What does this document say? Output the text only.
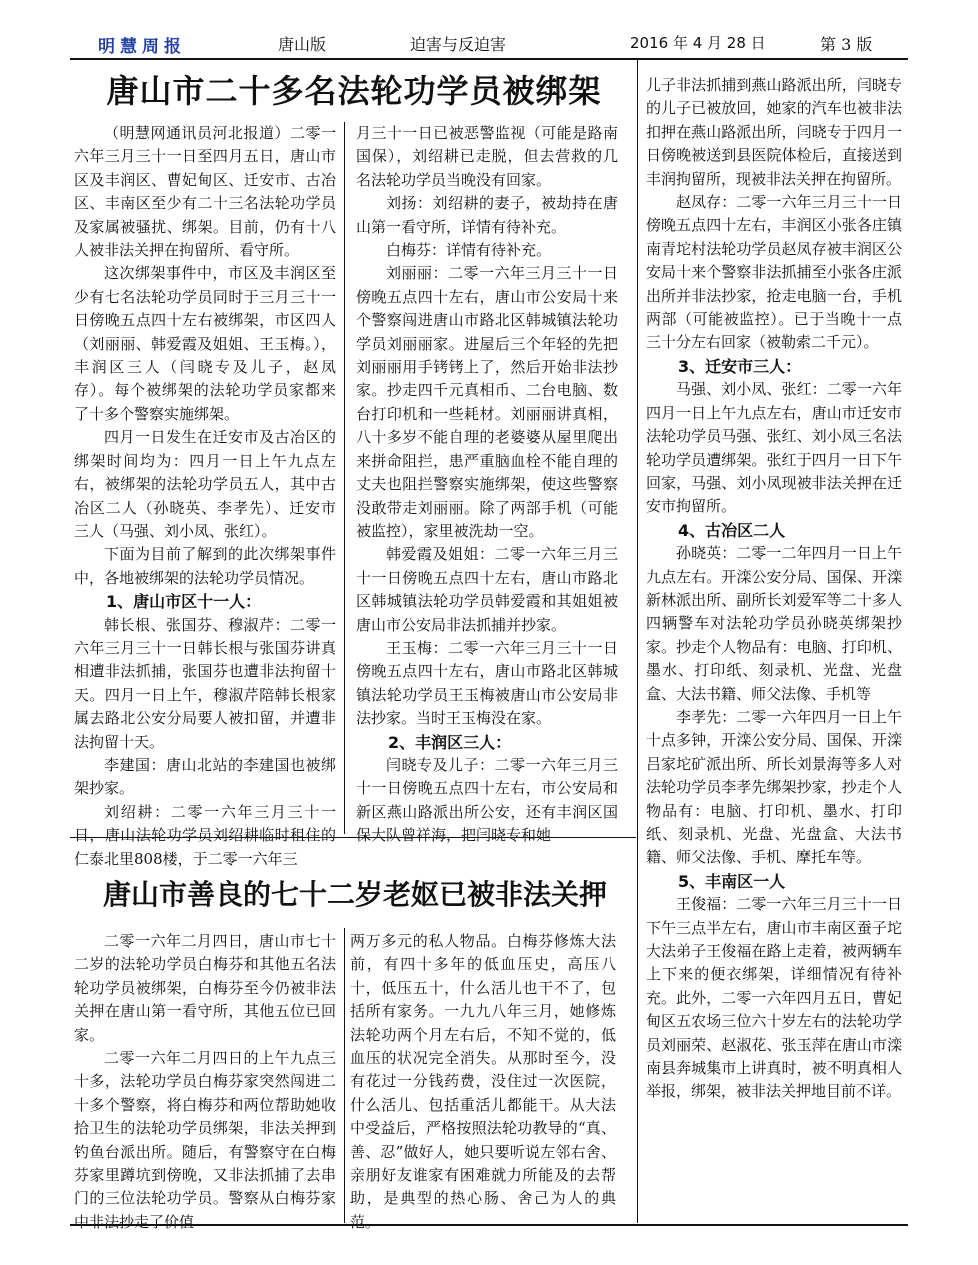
明慧周报	唐山版	迫害与反迫害	2016 年 4 月 28 日	第 3 版
唐山市二十多名法轮功学员被绑架

（明慧网通讯员河北报道）二零一六年三月三十一日至四月五日，唐山市区及丰润区、曹妃甸区、迁安市、古冶区、丰南区至少有二十三名法轮功学员及家属被骚扰、绑架。目前，仍有十八人被非法关押在拘留所、看守所。

这次绑架事件中，市区及丰润区至少有七名法轮功学员同时于三月三十一日傍晚五点四十左右被绑架，市区四人（刘丽丽、韩爱霞及姐姐、王玉梅。），丰润区三人（闫晓专及儿子，赵凤存）。每个被绑架的法轮功学员家都来了十多个警察实施绑架。

四月一日发生在迁安市及古冶区的绑架时间均为：四月一日上午九点左右，被绑架的法轮功学员五人，其中古冶区二人（孙晓英、李孝先）、迁安市三人（马强、刘小凤、张红）。

下面为目前了解到的此次绑架事件中，各地被绑架的法轮功学员情况。

1、唐山市区十一人：

韩长根、张国芬、穆淑芹：二零一六年三月三十一日韩长根与张国芬讲真相遭非法抓捕，张国芬也遭非法拘留十天。四月一日上午，穆淑芹陪韩长根家属去路北公安分局要人被扣留，并遭非法拘留十天。

李建国：唐山北站的李建国也被绑架抄家。

刘绍耕：二零一六年三月三十一日，唐山法轮功学员刘绍耕临时租住的仁泰北里808楼，于二零一六年三

月三十一日已被恶警监视（可能是路南国保），刘绍耕已走脱，但去营救的几名法轮功学员当晚没有回家。

刘扬：刘绍耕的妻子，被劫持在唐山第一看守所，详情有待补充。

白梅芬：详情有待补充。

刘丽丽：二零一六年三月三十一日傍晚五点四十左右，唐山市公安局十来个警察闯进唐山市路北区韩城镇法轮功学员刘丽丽家。进屋后三个年轻的先把刘丽丽用手铐铐上了，然后开始非法抄家。抄走四千元真相币、二台电脑、数台打印机和一些耗材。刘丽丽讲真相，八十多岁不能自理的老婆婆从屋里爬出来拼命阻拦，患严重脑血栓不能自理的丈夫也阻拦警察实施绑架，使这些警察没敢带走刘丽丽。除了两部手机（可能被监控），家里被洗劫一空。

韩爱霞及姐姐：二零一六年三月三十一日傍晚五点四十左右，唐山市路北区韩城镇法轮功学员韩爱霞和其姐姐被唐山市公安局非法抓捕并抄家。

王玉梅：二零一六年三月三十一日傍晚五点四十左右，唐山市路北区韩城镇法轮功学员王玉梅被唐山市公安局非法抄家。当时王玉梅没在家。

2、丰润区三人：

闫晓专及儿子：二零一六年三月三十一日傍晚五点四十左右，市公安局和新区燕山路派出所公安，还有丰润区国保大队曾祥海，把闫晓专和她

儿子非法抓捕到燕山路派出所，闫晓专的儿子已被放回，她家的汽车也被非法扣押在燕山路派出所，闫晓专于四月一日傍晚被送到县医院体检后，直接送到丰润拘留所，现被非法关押在拘留所。

赵凤存：二零一六年三月三十一日傍晚五点四十左右，丰润区小张各庄镇南青坨村法轮功学员赵凤存被丰润区公安局十来个警察非法抓捕至小张各庄派出所并非法抄家，抢走电脑一台，手机两部（可能被监控）。已于当晚十一点三十分左右回家（被勒索二千元）。

3、迁安市三人：

马强、刘小凤、张红：二零一六年四月一日上午九点左右，唐山市迁安市法轮功学员马强、张红、刘小凤三名法轮功学员遭绑架。张红于四月一日下午回家，马强、刘小凤现被非法关押在迁安市拘留所。

4、古冶区二人

孙晓英：二零一二年四月一日上午九点左右。开滦公安分局、国保、开滦新林派出所、副所长刘爱军等二十多人四辆警车对法轮功学员孙晓英绑架抄家。抄走个人物品有：电脑、打印机、墨水、打印纸、刻录机、光盘、光盘盒、大法书籍、师父法像、手机等

李孝先：二零一六年四月一日上午十点多钟，开滦公安分局、国保、开滦吕家坨矿派出所、所长刘景海等多人对法轮功学员李孝先绑架抄家，抄走个人物品有：电脑、打印机、墨水、打印纸、刻录机、光盘、光盘盒、大法书籍、师父法像、手机、摩托车等。

5、丰南区一人

王俊福：二零一六年三月三十一日下午三点半左右，唐山市丰南区蚕子坨大法弟子王俊福在路上走着，被两辆车上下来的便衣绑架，详细情况有待补充。此外，二零一六年四月五日，曹妃甸区五农场三位六十岁左右的法轮功学员刘丽荣、赵淑花、张玉萍在唐山市滦南县奔城集市上讲真时，被不明真相人举报，绑架，被非法关押地目前不详。

唐山市善良的七十二岁老妪已被非法关押

二零一六年二月四日，唐山市七十二岁的法轮功学员白梅芬和其他五名法轮功学员被绑架，白梅芬至今仍被非法关押在唐山第一看守所，其他五位已回家。

二零一六年二月四日的上午九点三十多，法轮功学员白梅芬家突然闯进二十多个警察，将白梅芬和两位帮助她收拾卫生的法轮功学员绑架，非法关押到钓鱼台派出所。随后，有警察守在白梅芬家里蹲坑到傍晚，又非法抓捕了去串门的三位法轮功学员。警察从白梅芬家中非法抄走了价值

两万多元的私人物品。白梅芬修炼大法前，有四十多年的低血压史，高压八十，低压五十，什么活儿也干不了，包括所有家务。一九九八年三月，她修炼法轮功两个月左右后，不知不觉的，低血压的状况完全消失。从那时至今，没有花过一分钱药费，没住过一次医院，什么活儿、包括重活儿都能干。从大法中受益后，严格按照法轮功教导的“真、善、忍”做好人，她只要听说左邻右舍、亲朋好友谁家有困难就力所能及的去帮助，是典型的热心肠、舍己为人的典范。
